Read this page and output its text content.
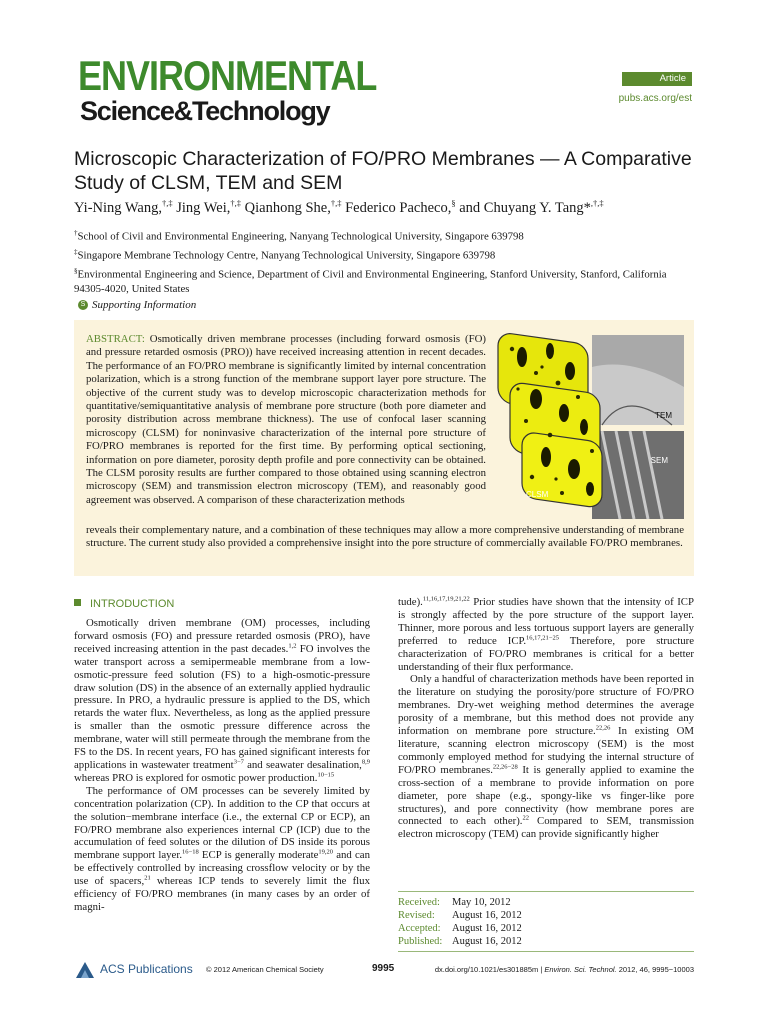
ENVIRONMENTAL
Science&Technology
Article
pubs.acs.org/est
Microscopic Characterization of FO/PRO Membranes — A Comparative Study of CLSM, TEM and SEM
Yi-Ning Wang,†,‡ Jing Wei,†,‡ Qianhong She,†,‡ Federico Pacheco,§ and Chuyang Y. Tang*,†,‡
†School of Civil and Environmental Engineering, Nanyang Technological University, Singapore 639798
‡Singapore Membrane Technology Centre, Nanyang Technological University, Singapore 639798
§Environmental Engineering and Science, Department of Civil and Environmental Engineering, Stanford University, Stanford, California 94305-4020, United States
S Supporting Information
ABSTRACT: Osmotically driven membrane processes (including forward osmosis (FO) and pressure retarded osmosis (PRO)) have received increasing attention in recent decades. The performance of an FO/PRO membrane is significantly limited by internal concentration polarization, which is a strong function of the membrane support layer pore structure. The objective of the current study was to develop microscopic characterization methods for quantitative/semiquantitative analysis of membrane pore structure (both pore diameter and porosity distribution across membrane thickness). The use of confocal laser scanning microscopy (CLSM) for noninvasive characterization of the internal pore structure of FO/PRO membranes is reported for the first time. By performing optical sectioning, information on pore diameter, porosity depth profile and pore connectivity can be obtained. The CLSM porosity results are further compared to those obtained using scanning electron microscopy (SEM) and transmission electron microscopy (TEM), and reasonably good agreement was observed. A comparison of these characterization methods
reveals their complementary nature, and a combination of these techniques may allow a more comprehensive understanding of membrane structure. The current study also provided a comprehensive insight into the pore structure of commercially available FO/PRO membranes.
TEM
SEM
CLSM
INTRODUCTION

Osmotically driven membrane (OM) processes, including forward osmosis (FO) and pressure retarded osmosis (PRO), have received increasing attention in the past decades.$^{1,2}$ FO involves the water transport across a semipermeable membrane from a low-osmotic-pressure feed solution (FS) to a high-osmotic-pressure draw solution (DS) in the absence of an externally applied hydraulic pressure. In PRO, a hydraulic pressure is applied to the DS, which retards the water flux. Nevertheless, as long as the applied pressure is smaller than the osmotic pressure difference across the membrane, water will still permeate through the membrane from the FS to the DS. In recent years, FO has gained significant interests for applications in wastewater treatment$^{3-7}$ and seawater desalination,$^{8,9}$ whereas PRO is explored for osmotic power production.$^{10-15}$

The performance of OM processes can be severely limited by concentration polarization (CP). In addition to the CP that occurs at the solution−membrane interface (i.e., the external CP or ECP), an FO/PRO membrane also experiences internal CP (ICP) due to the accumulation of feed solutes or the dilution of DS inside its porous membrane support layer.$^{16-18}$ ECP is generally moderate$^{19,20}$ and can be effectively controlled by increasing crossflow velocity or by the use of spacers,$^{21}$ whereas ICP tends to severely limit the flux efficiency of FO/PRO membranes (in many cases by an order of magni-

tude).$^{11,16,17,19,21,22}$ Prior studies have shown that the intensity of ICP is strongly affected by the pore structure of the support layer. Thinner, more porous and less tortuous support layers are generally preferred to reduce ICP.$^{16,17,21-25}$ Therefore, pore structure characterization of FO/PRO membranes is critical for a better understanding of their flux performance.

Only a handful of characterization methods have been reported in the literature on studying the porosity/pore structure of FO/PRO membranes. Dry-wet weighing method determines the average porosity of a membrane, but this method does not provide any information on membrane pore structure.$^{22,26}$ In existing OM literature, scanning electron microscopy (SEM) is the most commonly employed method for studying the internal structure of FO/PRO membranes.$^{22,26-28}$ It is generally applied to examine the cross-section of a membrane to provide information on pore diameter, pore shape (e.g., spongy-like vs finger-like pore structures), and pore connectivity (how membrane pores are connected to each other).$^{22}$ Compared to SEM, transmission electron microscopy (TEM) can provide significantly higher

Received:	May 10, 2012
Revised:	August 16, 2012
Accepted:	August 16, 2012
Published: August 16, 2012
ACS Publications © 2012 American Chemical Society	9995	dx.doi.org/10.1021/es301885m | Environ. Sci. Technol. 2012, 46, 9995−10003
